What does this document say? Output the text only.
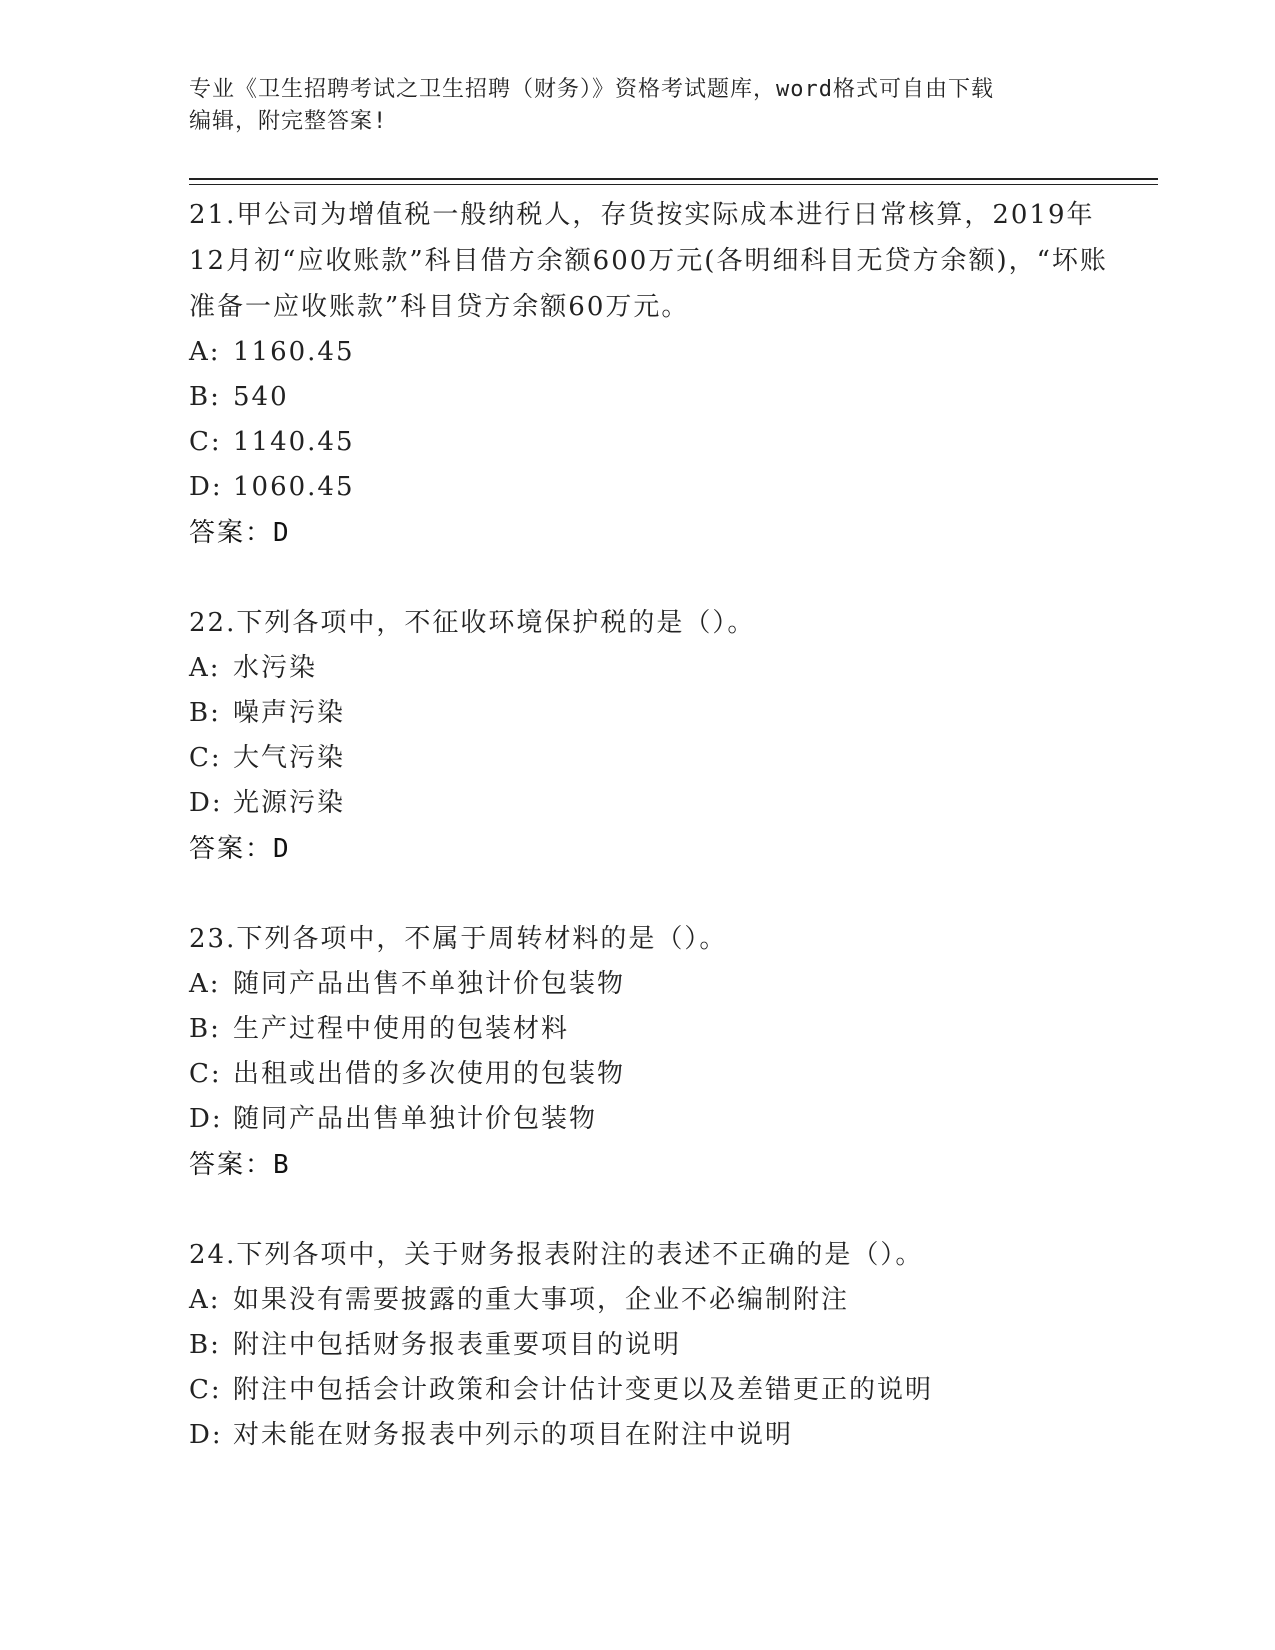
专业《卫生招聘考试之卫生招聘（财务）》资格考试题库，word格式可自由下载
编辑，附完整答案!

21.甲公司为增值税一般纳税人，存货按实际成本进行日常核算，2019年12月初“应收账款”科目借方余额600万元(各明细科目无贷方余额)，“坏账准备一应收账款”科目贷方余额60万元。

A: 1160.45
B: 540
C: 1140.45
D: 1060.45

答案：D

22.下列各项中，不征收环境保护税的是（）。

A: 水污染
B: 噪声污染
C: 大气污染
D: 光源污染

答案：D

23.下列各项中，不属于周转材料的是（）。

A: 随同产品出售不单独计价包装物
B: 生产过程中使用的包装材料
C: 出租或出借的多次使用的包装物
D: 随同产品出售单独计价包装物

答案：B

24.下列各项中，关于财务报表附注的表述不正确的是（）。

A: 如果没有需要披露的重大事项，企业不必编制附注
B: 附注中包括财务报表重要项目的说明
C: 附注中包括会计政策和会计估计变更以及差错更正的说明
D: 对未能在财务报表中列示的项目在附注中说明
